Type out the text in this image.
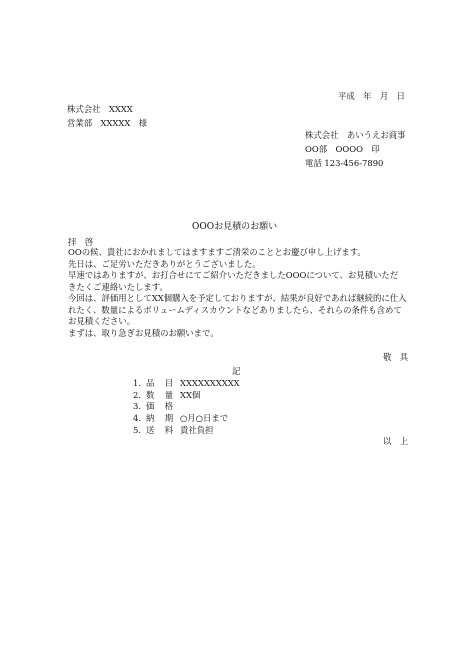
平成　年　月　日
株式会社　XXXX
営業部　XXXXX　様
株式会社　あいうえお商事
OO部　OOOO　印
電話 123-456-7890
OOOお見積のお願い
拝　啓
OOの候、貴社におかれましてはますますご清栄のこととお慶び申し上げます。
先日は、ご足労いただきありがとうございました。
早速ではありますが、お打合せにてご紹介いただきましたOOOについて、お見積いただ
きたくご連絡いたします。
今回は、評価用としてXX個購入を予定しておりますが、結果が良好であれば継続的に仕入
れたく、数量によるボリュームディスカウントなどありましたら、それらの条件も含めて
お見積ください。
まずは、取り急ぎお見積のお願いまで。
敬　具
記
1. 品　目 XXXXXXXXXX
2. 数　量 XX個
3. 価　格
4. 納　期 ○月○日まで
5. 送　料 貴社負担
以　上
